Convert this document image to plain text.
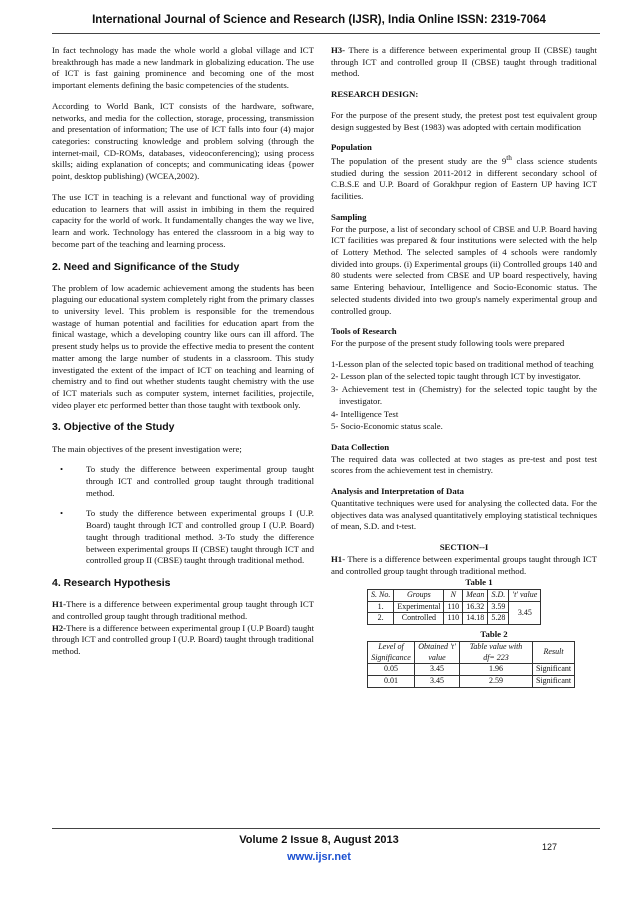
International Journal of Science and Research (IJSR), India Online ISSN: 2319-7064

In fact technology has made the whole world a global village and ICT breakthrough has made a new landmark in globalizing education. The use of ICT is fast gaining prominence and becoming one of the most important elements defining the basic competencies of the students.

According to World Bank, ICT consists of the hardware, software, networks, and media for the collection, storage, processing, transmission and presentation of information; The use of ICT falls into four (4) major categories: constructing knowledge and problem solving (through the internet-mail, CD-ROMs, databases, videoconferencing); using process skills; aiding explanation of concepts; and communicating ideas {power point, desktop publishing) (WCEA,2002).

The use ICT in teaching is a relevant and functional way of providing education to learners that will assist in imbibing in them the required capacity for the world of work. It fundamentally changes the way we live, learn and work. Technology has entered the classroom in a big way to become part of the teaching and learning process.

2. Need and Significance of the Study

The problem of low academic achievement among the students has been plaguing our educational system completely right from the primary classes to university level. This problem is responsible for the tremendous wastage of human potential and facilities for education apart from the finical wastage, which a developing country like ours can ill afford. The present study helps us to provide the effective media to present the content matter among the large number of students in a classroom. This study investigated the extent of the impact of ICT on teaching and learning of chemistry and to find out whether students taught chemistry with the use of ICT materials such as computer system, internet facilities, projectile, video player etc performed better than those taught with textbook only.

3. Objective of the Study

The main objectives of the present investigation were;

•	To study the difference between experimental group taught through ICT and controlled group taught through traditional method.
•	To study the difference between experimental groups I (U.P. Board) taught through ICT and controlled group I (U.P. Board) taught through traditional method. 3-To study the difference between experimental groups II (CBSE) taught through ICT and controlled group II (CBSE) taught through traditional method.
4. Research Hypothesis

H1-There is a difference between experimental group taught through ICT and controlled group taught through traditional method.

H2-There is a difference between experimental group I (U.P Board) taught through ICT and controlled group I (U.P. Board) taught through traditional method.

H3- There is a difference between experimental group II (CBSE) taught through ICT and controlled group II (CBSE) taught through traditional method.

RESEARCH DESIGN:

For the purpose of the present study, the pretest post test equivalent group design suggested by Best (1983) was adopted with certain modification

Population

The population of the present study are the 9th class science students studied during the session 2011-2012 in different secondary school of C.B.S.E and U.P. Board of Gorakhpur region of Eastern UP having ICT facilities.

Sampling

For the purpose, a list of secondary school of CBSE and U.P. Board having ICT facilities was prepared & four institutions were selected with the help of Lottery Method. The selected samples of 4 schools were randomly divided into groups. (i) Experimental groups (ii) Controlled groups 140 and 80 students were selected from CBSE and UP board respectively, having same Entering behaviour, Intelligence and Socio-Economic status. The selected students divided into two group's namely experimental group and controlled group.

Tools of Research

For the purpose of the present study following tools were prepared

1-Lesson plan of the selected topic based on traditional method of teaching

2- Lesson plan of the selected topic taught through ICT by investigator.

3- Achievement test in (Chemistry) for the selected topic taught by the investigator.

4- Intelligence Test

5- Socio-Economic status scale.

Data Collection

The required data was collected at two stages as pre-test and post test scores from the achievement test in chemistry.

Analysis and Interpretation of Data

Quantitative techniques were used for analysing the collected data. For the objectives data was analysed quantitatively employing statistical techniques of mean, S.D. and t-test.

SECTION--I

H1- There is a difference between experimental groups taught through ICT and controlled group taught through traditional method.

Table 1

S. No.	Groups	N	Mean	S.D.	't' value
1.	Experimental	110	16.32	3.59	3.45
2.	Controlled	110	14.18	5.28	

Table 2

Level of Significance	Obtained 't' value	Table value with df= 223	Result
0.05	3.45	1.96	Significant
0.01	3.45	2.59	Significant
Volume 2 Issue 8, August 2013
www.ijsr.net
127
